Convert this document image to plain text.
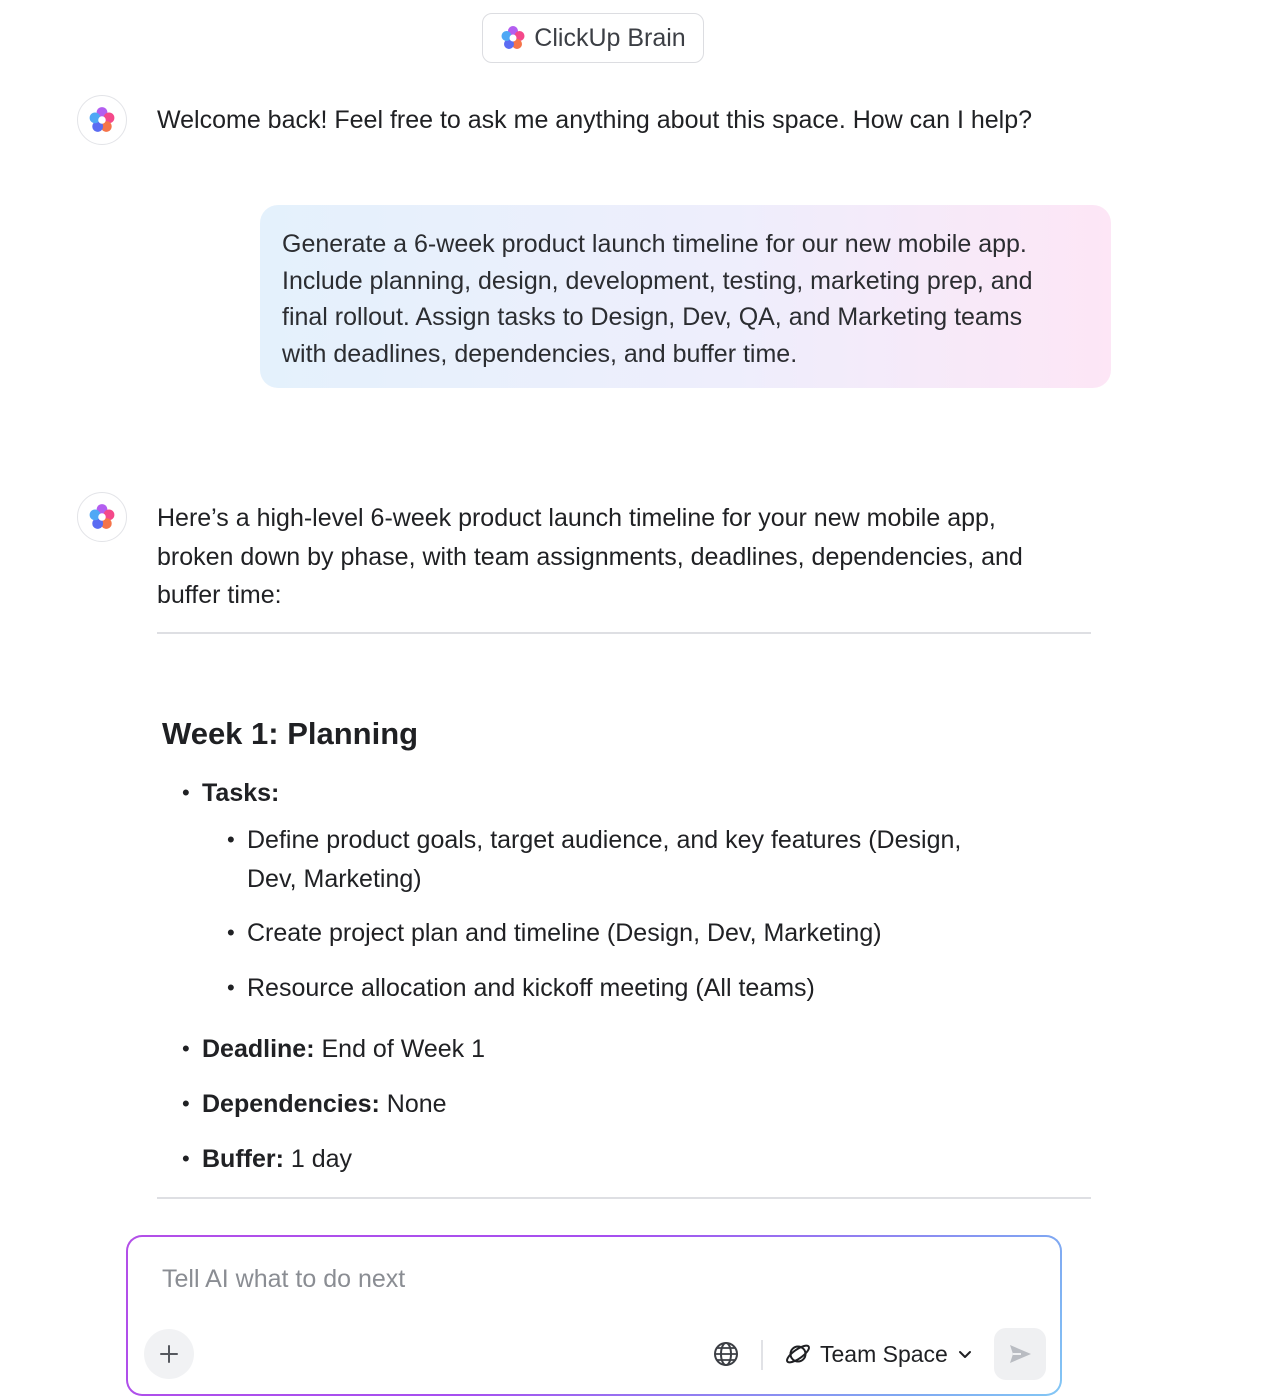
ClickUp Brain
Welcome back! Feel free to ask me anything about this space. How can I help?
Generate a 6-week product launch timeline for our new mobile app.
Include planning, design, development, testing, marketing prep, and
final rollout. Assign tasks to Design, Dev, QA, and Marketing teams
with deadlines, dependencies, and buffer time.
Here’s a high-level 6-week product launch timeline for your new mobile app,
broken down by phase, with team assignments, deadlines, dependencies, and
buffer time:
Week 1: Planning
• Tasks:
• Define product goals, target audience, and key features (Design,
Dev, Marketing)
• Create project plan and timeline (Design, Dev, Marketing)
• Resource allocation and kickoff meeting (All teams)
• Deadline: End of Week 1
• Dependencies: None
• Buffer: 1 day
Tell AI what to do next
Team Space
